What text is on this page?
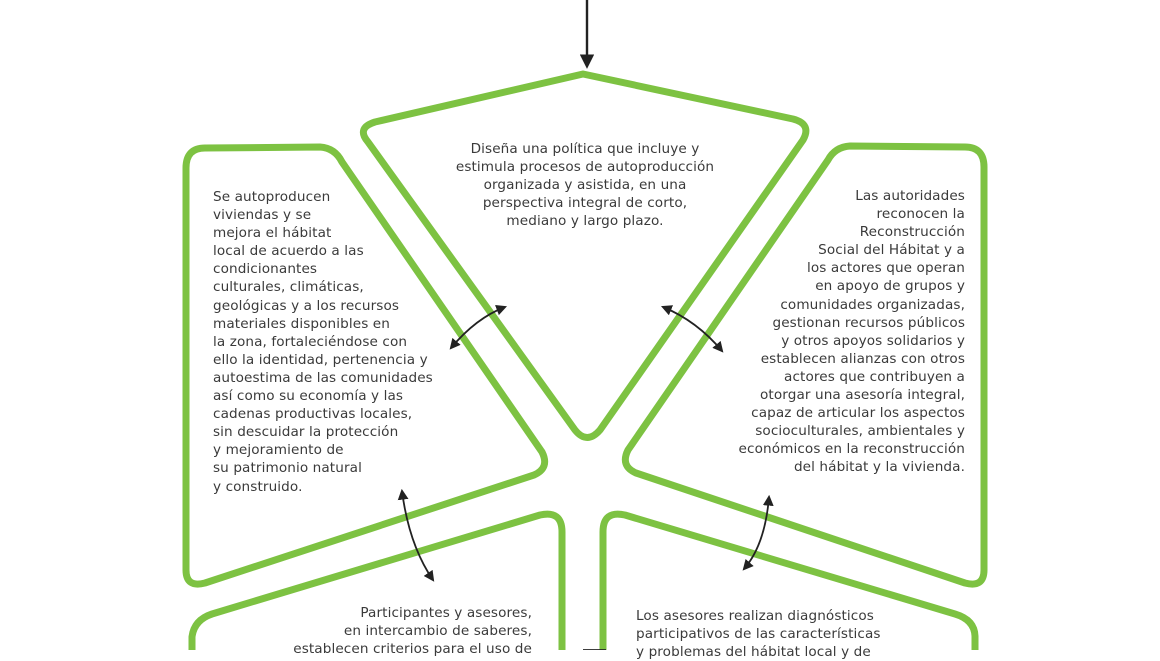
Diseña una política que incluye y
estimula procesos de autoproducción
organizada y asistida, en una
perspectiva integral de corto,
mediano y largo plazo.

Se autoproducen
viviendas y se
mejora el hábitat
local de acuerdo a las
condicionantes
culturales, climáticas,
geológicas y a los recursos
materiales disponibles en
la zona, fortaleciéndose con
ello la identidad, pertenencia y
autoestima de las comunidades
así como su economía y las
cadenas productivas locales,
sin descuidar la protección
y mejoramiento de
su patrimonio natural
y construido.

Las autoridades
reconocen la
Reconstrucción
Social del Hábitat y a
los actores que operan
en apoyo de grupos y
comunidades organizadas,
gestionan recursos públicos
y otros apoyos solidarios y
establecen alianzas con otros
actores que contribuyen a
otorgar una asesoría integral,
capaz de articular los aspectos
socioculturales, ambientales y
económicos en la reconstrucción
del hábitat y la vivienda.

Participantes y asesores,
en intercambio de saberes,
establecen criterios para el uso de

Los asesores realizan diagnósticos
participativos de las características
y problemas del hábitat local y de
